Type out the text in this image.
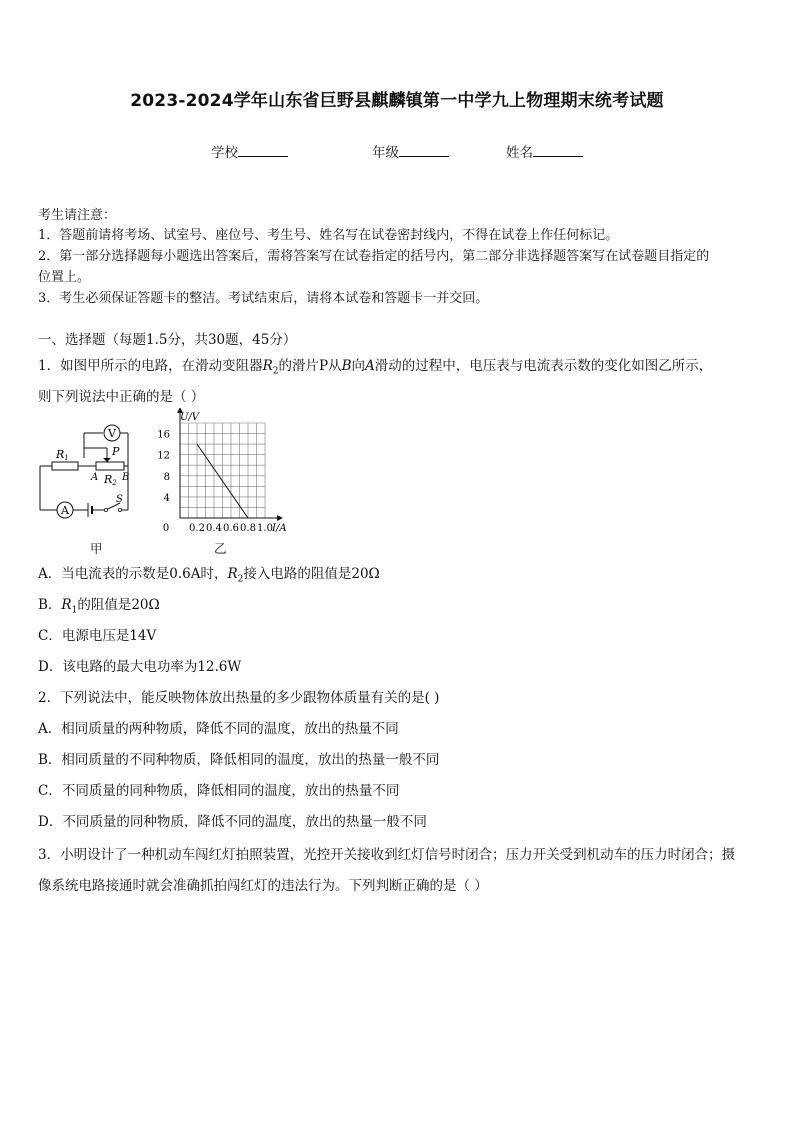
2023-2024学年山东省巨野县麒麟镇第一中学九上物理期末统考试题
学校	年级	姓名
考生请注意：
1．答题前请将考场、试室号、座位号、考生号、姓名写在试卷密封线内，不得在试卷上作任何标记。
2．第一部分选择题每小题选出答案后，需将答案写在试卷指定的括号内，第二部分非选择题答案写在试卷题目指定的
位置上。
3．考生必须保证答题卡的整洁。考试结束后，请将本试卷和答题卡一并交回。
一、选择题（每题1.5分，共30题，45分）
1．如图甲所示的电路，在滑动变阻器$R_2$的滑片P从B向A滑动的过程中，电压表与电流表示数的变化如图乙所示，
则下列说法中正确的是（ ）
V
A
R1	P
A B
R2
S
0.2 0.4 0.6 0.8 1.0
4
8
12
16
0
U/V
I/A
甲	乙
A．当电流表的示数是0.6A时，$R_2$接入电路的阻值是20Ω
B．$R_1$的阻值是20Ω
C．电源电压是14V
D．该电路的最大电功率为12.6W
2．下列说法中，能反映物体放出热量的多少跟物体质量有关的是( )
A．相同质量的两种物质，降低不同的温度，放出的热量不同
B．相同质量的不同种物质，降低相同的温度，放出的热量一般不同
C．不同质量的同种物质，降低相同的温度，放出的热量不同
D．不同质量的同种物质，降低不同的温度，放出的热量一般不同
3．小明设计了一种机动车闯红灯拍照装置，光控开关接收到红灯信号时闭合；压力开关受到机动车的压力时闭合；摄
像系统电路接通时就会准确抓拍闯红灯的违法行为。下列判断正确的是（ ）
